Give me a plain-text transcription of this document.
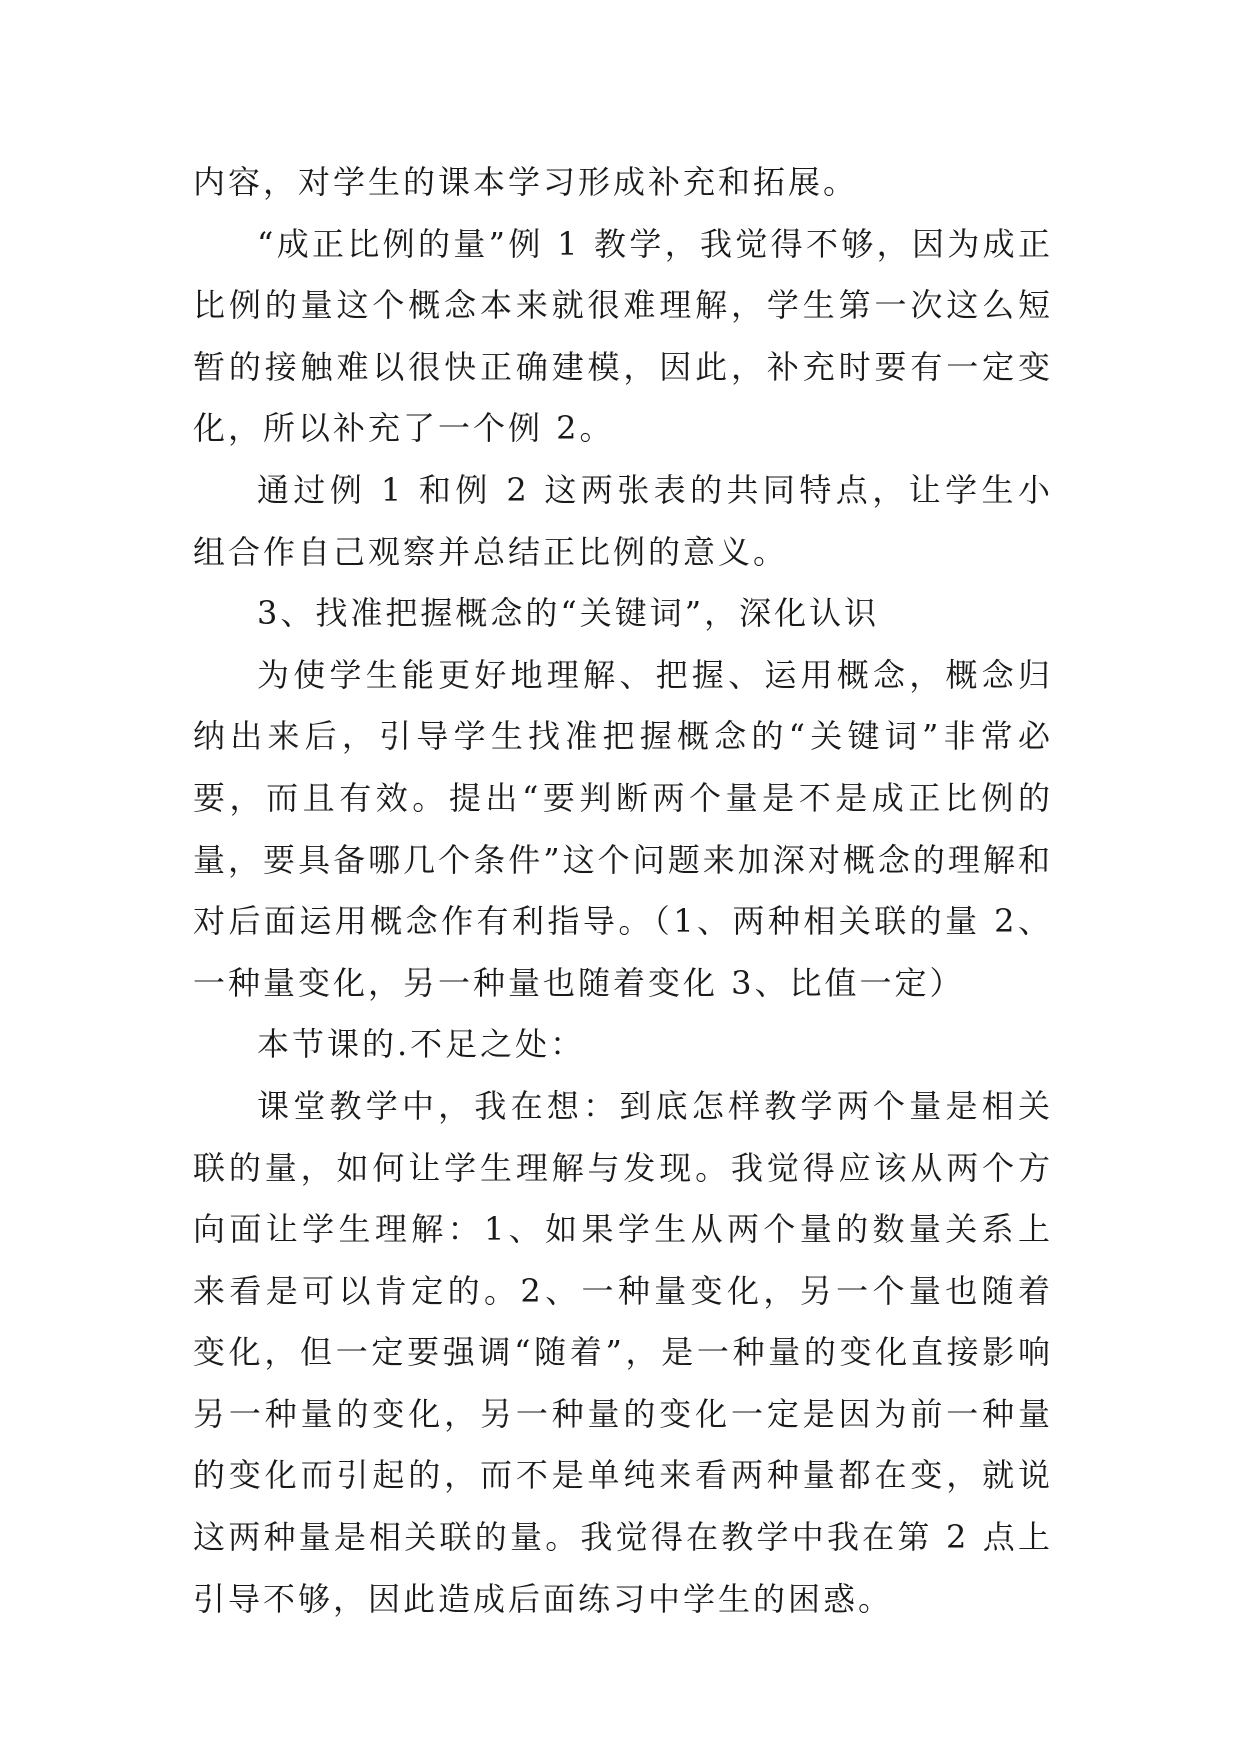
内容，对学生的课本学习形成补充和拓展。

“成正比例的量”例 1 教学，我觉得不够，因为成正比例的量这个概念本来就很难理解，学生第一次这么短暂的接触难以很快正确建模，因此，补充时要有一定变化，所以补充了一个例 2。

通过例 1 和例 2 这两张表的共同特点，让学生小组合作自己观察并总结正比例的意义。

3、找准把握概念的“关键词”，深化认识

为使学生能更好地理解、把握、运用概念，概念归纳出来后，引导学生找准把握概念的“关键词”非常必要，而且有效。提出“要判断两个量是不是成正比例的量，要具备哪几个条件”这个问题来加深对概念的理解和对后面运用概念作有利指导。（1、两种相关联的量 2、一种量变化，另一种量也随着变化 3、比值一定）

本节课的.不足之处：

课堂教学中，我在想：到底怎样教学两个量是相关联的量，如何让学生理解与发现。我觉得应该从两个方向面让学生理解：1、如果学生从两个量的数量关系上来看是可以肯定的。2、一种量变化，另一个量也随着变化，但一定要强调“随着”，是一种量的变化直接影响另一种量的变化，另一种量的变化一定是因为前一种量的变化而引起的，而不是单纯来看两种量都在变，就说这两种量是相关联的量。我觉得在教学中我在第 2 点上引导不够，因此造成后面练习中学生的困惑。
